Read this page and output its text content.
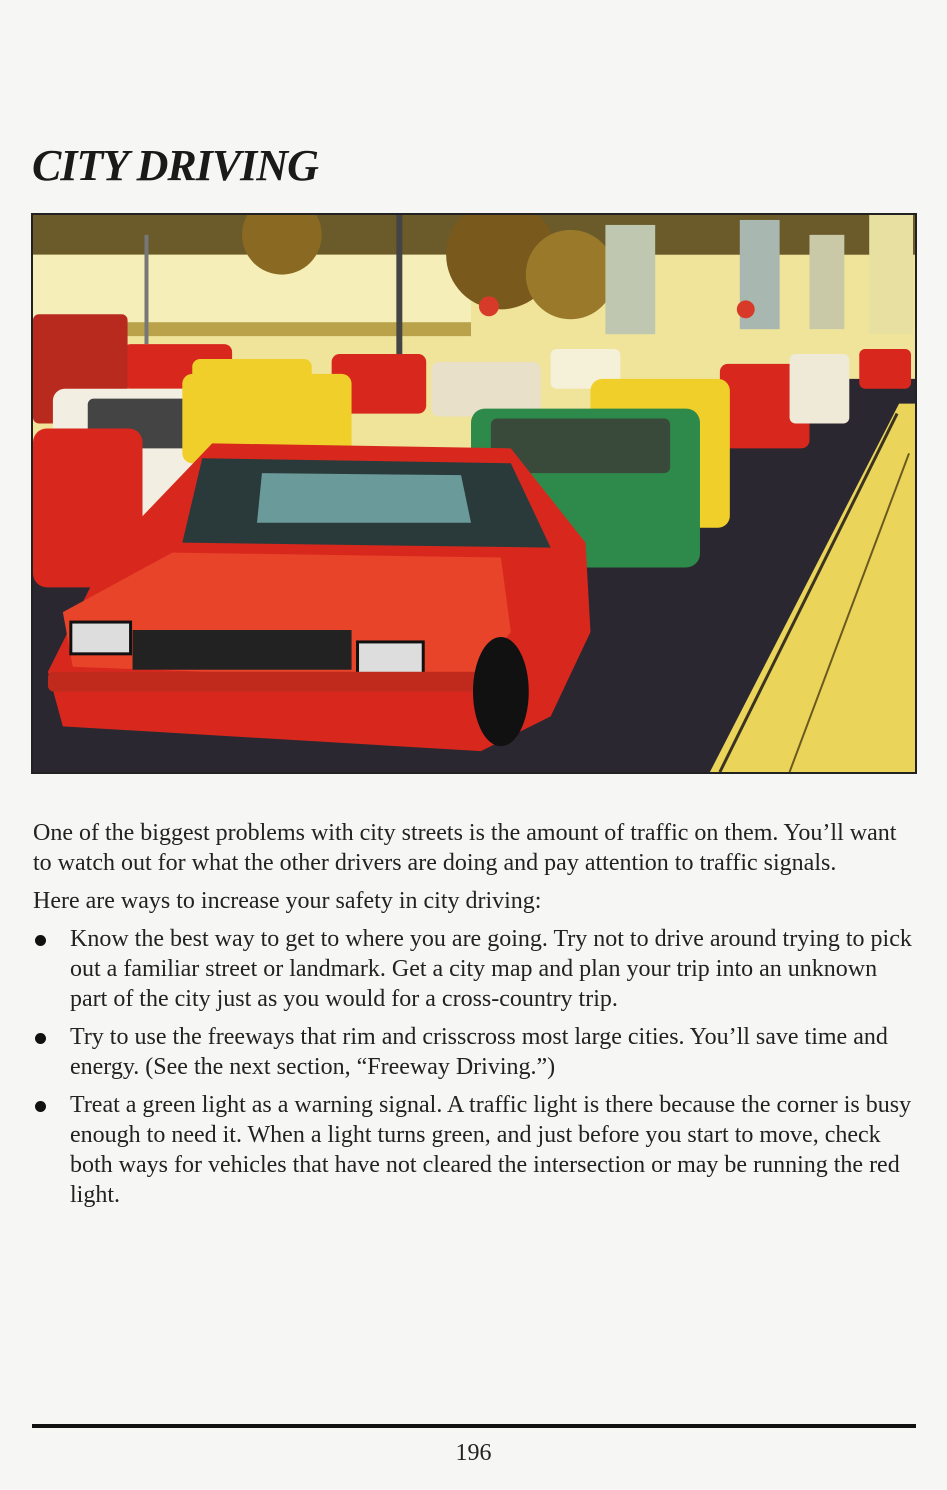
CITY DRIVING

One of the biggest problems with city streets is the amount of traffic on them. You’ll want to watch out for what the other drivers are doing and pay attention to traffic signals.

Here are ways to increase your safety in city driving:

Know the best way to get to where you are going. Try not to drive around trying to pick out a familiar street or landmark. Get a city map and plan your trip into an unknown part of the city just as you would for a cross-country trip.
Try to use the freeways that rim and crisscross most large cities. You’ll save time and energy. (See the next section, “Freeway Driving.”)
Treat a green light as a warning signal. A traffic light is there because the corner is busy enough to need it. When a light turns green, and just before you start to move, check both ways for vehicles that have not cleared the intersection or may be running the red light.
196
